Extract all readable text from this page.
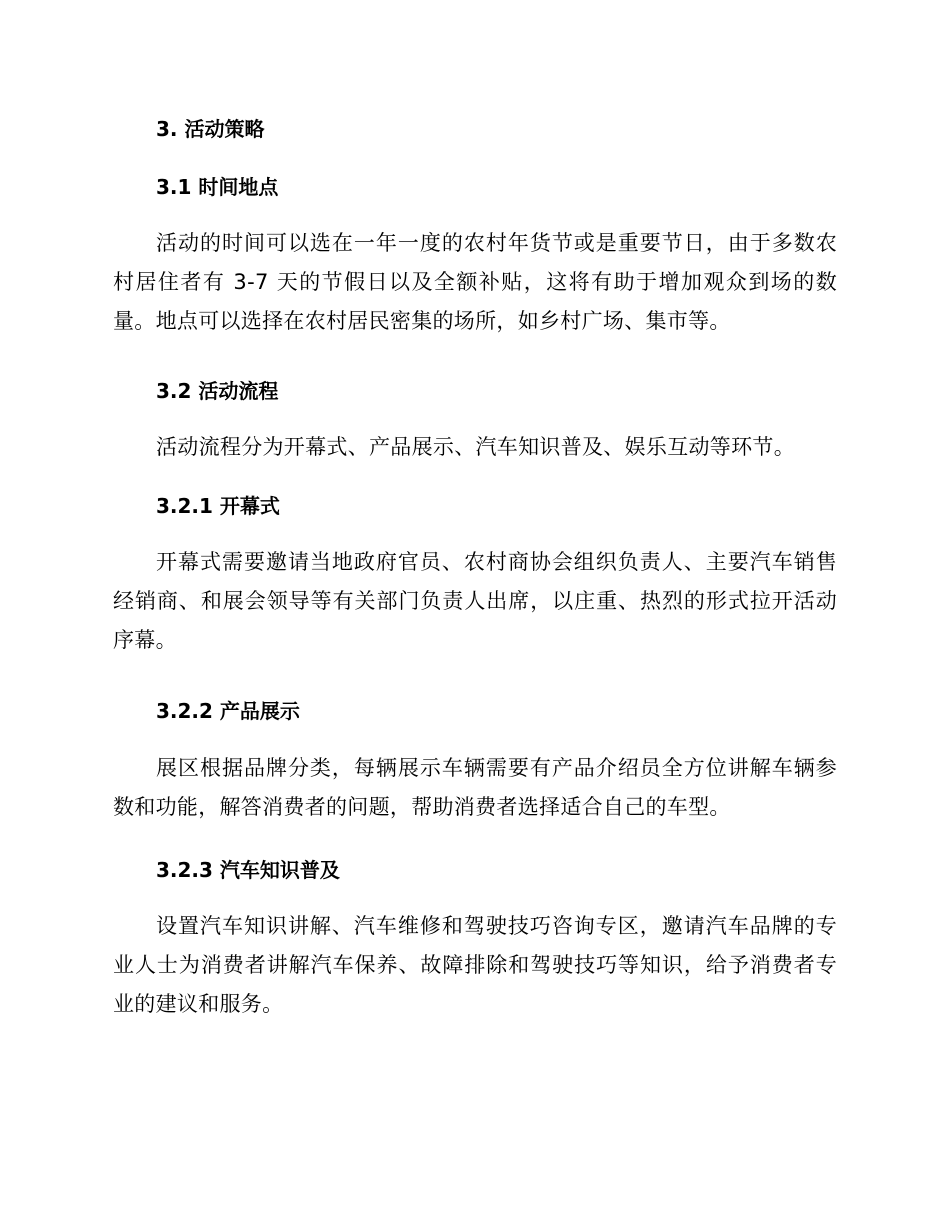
3. 活动策略
3.1 时间地点
活动的时间可以选在一年一度的农村年货节或是重要节日，由于多数农村居住者有 3-7 天的节假日以及全额补贴，这将有助于增加观众到场的数量。地点可以选择在农村居民密集的场所，如乡村广场、集市等。
3.2 活动流程
活动流程分为开幕式、产品展示、汽车知识普及、娱乐互动等环节。
3.2.1 开幕式
开幕式需要邀请当地政府官员、农村商协会组织负责人、主要汽车销售经销商、和展会领导等有关部门负责人出席，以庄重、热烈的形式拉开活动序幕。
3.2.2 产品展示
展区根据品牌分类，每辆展示车辆需要有产品介绍员全方位讲解车辆参数和功能，解答消费者的问题，帮助消费者选择适合自己的车型。
3.2.3 汽车知识普及
设置汽车知识讲解、汽车维修和驾驶技巧咨询专区，邀请汽车品牌的专业人士为消费者讲解汽车保养、故障排除和驾驶技巧等知识，给予消费者专业的建议和服务。
